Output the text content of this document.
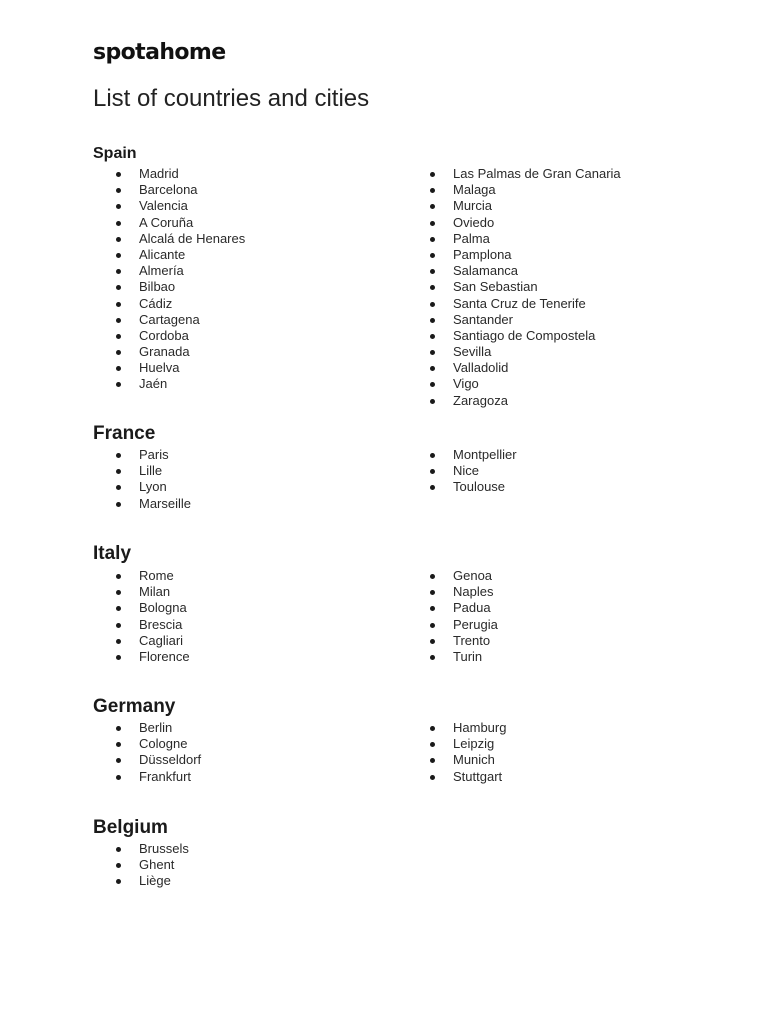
spotahome
List of countries and cities
Spain
Madrid
Barcelona
Valencia
A Coruña
Alcalá de Henares
Alicante
Almería
Bilbao
Cádiz
Cartagena
Cordoba
Granada
Huelva
Jaén
Las Palmas de Gran Canaria
Malaga
Murcia
Oviedo
Palma
Pamplona
Salamanca
San Sebastian
Santa Cruz de Tenerife
Santander
Santiago de Compostela
Sevilla
Valladolid
Vigo
Zaragoza
France
Paris
Lille
Lyon
Marseille
Montpellier
Nice
Toulouse
Italy
Rome
Milan
Bologna
Brescia
Cagliari
Florence
Genoa
Naples
Padua
Perugia
Trento
Turin
Germany
Berlin
Cologne
Düsseldorf
Frankfurt
Hamburg
Leipzig
Munich
Stuttgart
Belgium
Brussels
Ghent
Liège
